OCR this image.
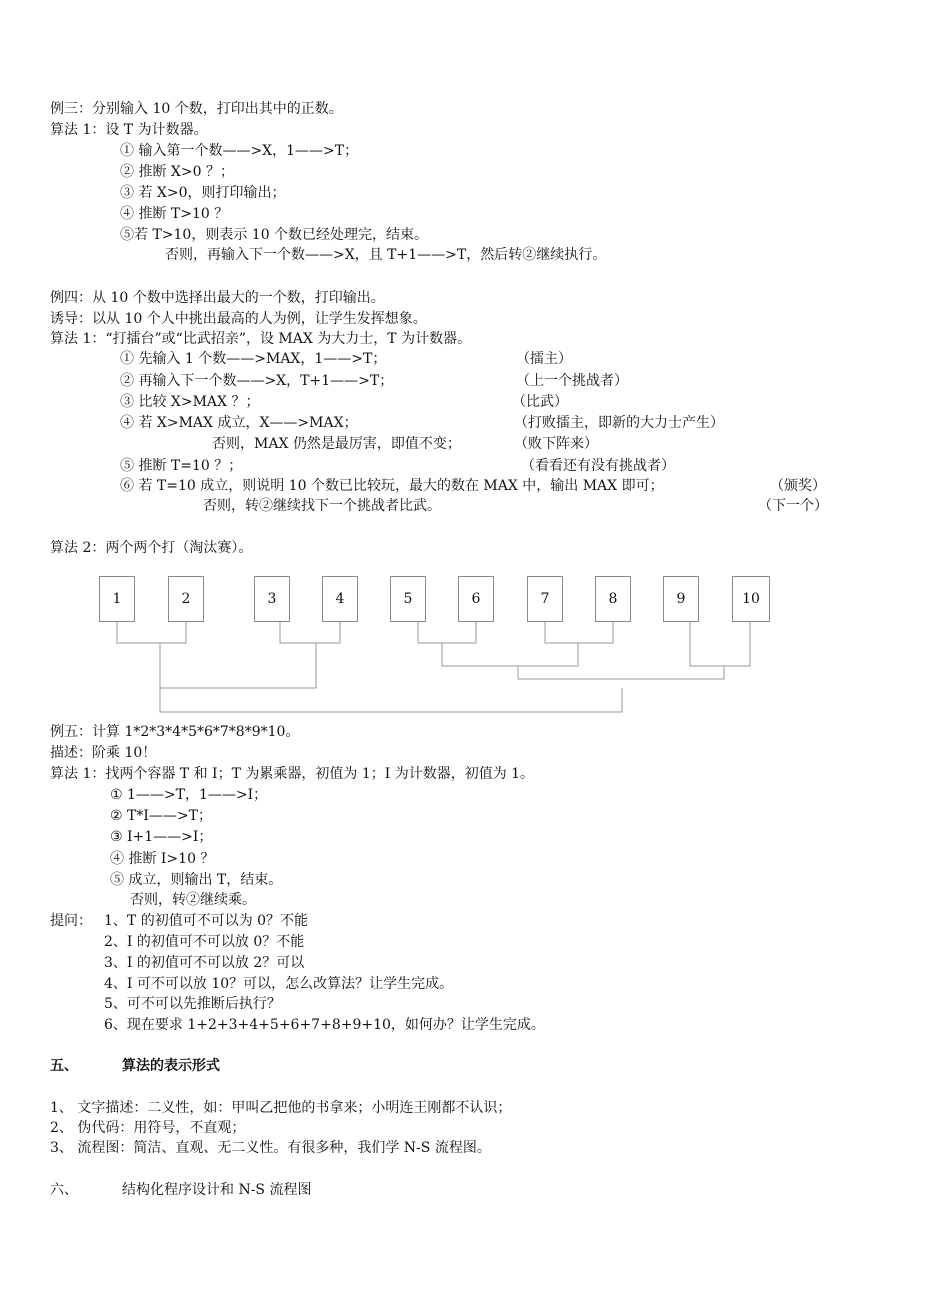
例三：分别输入 10 个数，打印出其中的正数。
算法 1：设 T 为计数器。
① 输入第一个数——>X，1——>T；
② 推断 X>0 ？；
③ 若 X>0，则打印输出；
④ 推断 T>10 ？
⑤若 T>10，则表示 10 个数已经处理完，结束。
否则，再输入下一个数——>X，且 T+1——>T，然后转②继续执行。
例四：从 10 个数中选择出最大的一个数，打印输出。
诱导：以从 10 个人中挑出最高的人为例，让学生发挥想象。
算法 1：“打擂台”或“比武招亲”，设 MAX 为大力士，T 为计数器。
① 先输入 1 个数——>MAX，1——>T；	（擂主）
② 再输入下一个数——>X，T+1——>T；	（上一个挑战者）
③ 比较 X>MAX ？；	（比武）
④ 若 X>MAX 成立，X——>MAX；	（打败擂主，即新的大力士产生）
否则，MAX 仍然是最厉害，即值不变；	（败下阵来）
⑤ 推断 T=10 ？；	（看看还有没有挑战者）
⑥ 若 T=10 成立，则说明 10 个数已比较玩，最大的数在 MAX 中，输出 MAX 即可；	（颁奖）
否则，转②继续找下一个挑战者比武。	（下一个）
算法 2：两个两个打（淘汰赛）。
1	2	3	4	5	6	7	8	9	10
例五：计算 1*2*3*4*5*6*7*8*9*10。
描述：阶乘 10！
算法 1：找两个容器 T 和 I；T 为累乘器，初值为 1；I 为计数器，初值为 1。
① 1——>T，1——>I；
② T*I——>T；
③ I+1——>I；
④ 推断 I>10 ？
⑤ 成立，则输出 T，结束。
否则，转②继续乘。
提问： 1、T 的初值可不可以为 0？不能
2、I 的初值可不可以放 0？不能
3、I 的初值可不可以放 2？可以
4、I 可不可以放 10？可以，怎么改算法？让学生完成。
5、可不可以先推断后执行？
6、现在要求 1+2+3+4+5+6+7+8+9+10，如何办？让学生完成。
五、	算法的表示形式
1、 文字描述：二义性，如：甲叫乙把他的书拿来；小明连王刚都不认识；
2、 伪代码：用符号，不直观；
3、 流程图：简洁、直观、无二义性。有很多种，我们学 N-S 流程图。
六、	结构化程序设计和 N-S 流程图
